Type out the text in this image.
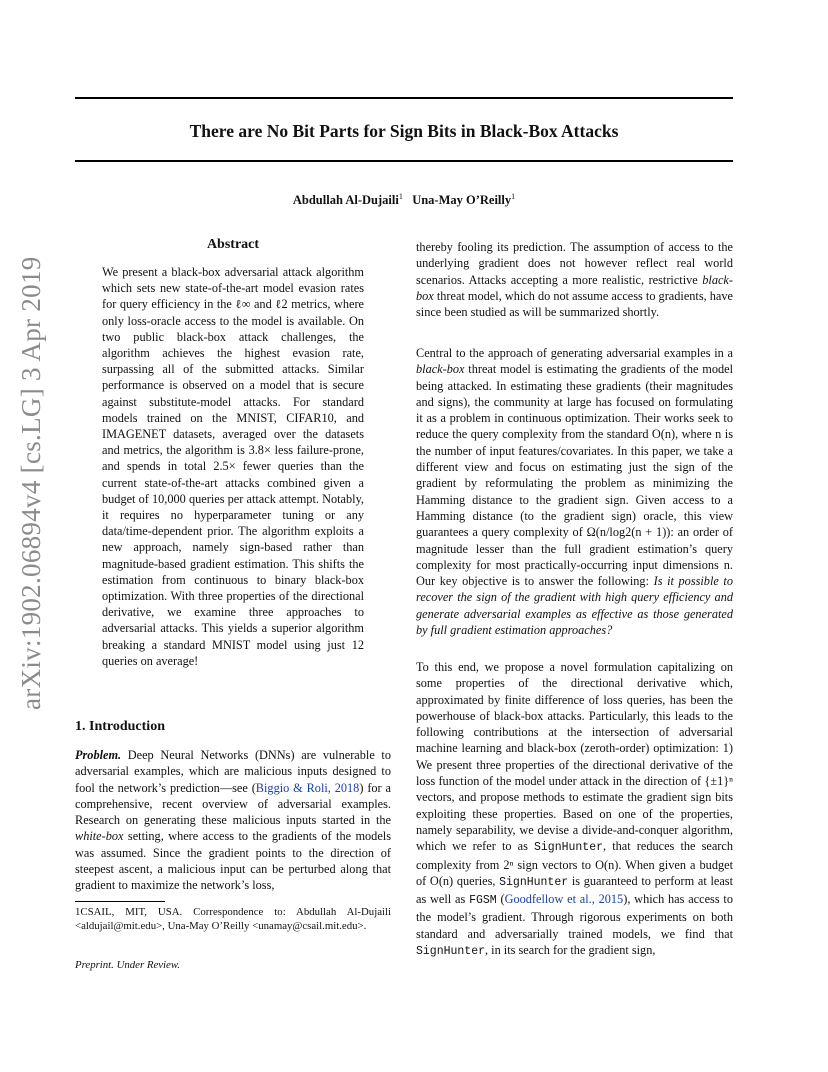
There are No Bit Parts for Sign Bits in Black-Box Attacks
Abdullah Al-Dujaili$^1$ Una-May O’Reilly$^1$
arXiv:1902.06894v4 [cs.LG] 3 Apr 2019
Abstract
We present a black-box adversarial attack algorithm which sets new state-of-the-art model evasion rates for query efficiency in the ℓ∞ and ℓ2 metrics, where only loss-oracle access to the model is available. On two public black-box attack challenges, the algorithm achieves the highest evasion rate, surpassing all of the submitted attacks. Similar performance is observed on a model that is secure against substitute-model attacks. For standard models trained on the MNIST, CIFAR10, and IMAGENET datasets, averaged over the datasets and metrics, the algorithm is 3.8× less failure-prone, and spends in total 2.5× fewer queries than the current state-of-the-art attacks combined given a budget of 10,000 queries per attack attempt. Notably, it requires no hyperparameter tuning or any data/time-dependent prior. The algorithm exploits a new approach, namely sign-based rather than magnitude-based gradient estimation. This shifts the estimation from continuous to binary black-box optimization. With three properties of the directional derivative, we examine three approaches to adversarial attacks. This yields a superior algorithm breaking a standard MNIST model using just 12 queries on average!
1. Introduction
Problem. Deep Neural Networks (DNNs) are vulnerable to adversarial examples, which are malicious inputs designed to fool the network’s prediction—see (Biggio & Roli, 2018) for a comprehensive, recent overview of adversarial examples. Research on generating these malicious inputs started in the white-box setting, where access to the gradients of the models was assumed. Since the gradient points to the direction of steepest ascent, a malicious input can be perturbed along that gradient to maximize the network’s loss,
1CSAIL, MIT, USA. Correspondence to: Abdullah Al-Dujaili <aldujail@mit.edu>, Una-May O’Reilly <unamay@csail.mit.edu>.
Preprint. Under Review.

thereby fooling its prediction. The assumption of access to the underlying gradient does not however reflect real world scenarios. Attacks accepting a more realistic, restrictive black-box threat model, which do not assume access to gradients, have since been studied as will be summarized shortly.

Central to the approach of generating adversarial examples in a black-box threat model is estimating the gradients of the model being attacked. In estimating these gradients (their magnitudes and signs), the community at large has focused on formulating it as a problem in continuous optimization. Their works seek to reduce the query complexity from the standard O(n), where n is the number of input features/covariates. In this paper, we take a different view and focus on estimating just the sign of the gradient by reformulating the problem as minimizing the Hamming distance to the gradient sign. Given access to a Hamming distance (to the gradient sign) oracle, this view guarantees a query complexity of Ω(n/log2(n + 1)): an order of magnitude lesser than the full gradient estimation’s query complexity for most practically-occurring input dimensions n. Our key objective is to answer the following: Is it possible to recover the sign of the gradient with high query efficiency and generate adversarial examples as effective as those generated by full gradient estimation approaches?

To this end, we propose a novel formulation capitalizing on some properties of the directional derivative which, approximated by finite difference of loss queries, has been the powerhouse of black-box attacks. Particularly, this leads to the following contributions at the intersection of adversarial machine learning and black-box (zeroth-order) optimization: 1) We present three properties of the directional derivative of the loss function of the model under attack in the direction of {±1}ⁿ vectors, and propose methods to estimate the gradient sign bits exploiting these properties. Based on one of the properties, namely separability, we devise a divide-and-conquer algorithm, which we refer to as SignHunter, that reduces the search complexity from 2ⁿ sign vectors to O(n). When given a budget of O(n) queries, SignHunter is guaranteed to perform at least as well as FGSM (Goodfellow et al., 2015), which has access to the model’s gradient. Through rigorous experiments on both standard and adversarially trained models, we find that SignHunter, in its search for the gradient sign,
